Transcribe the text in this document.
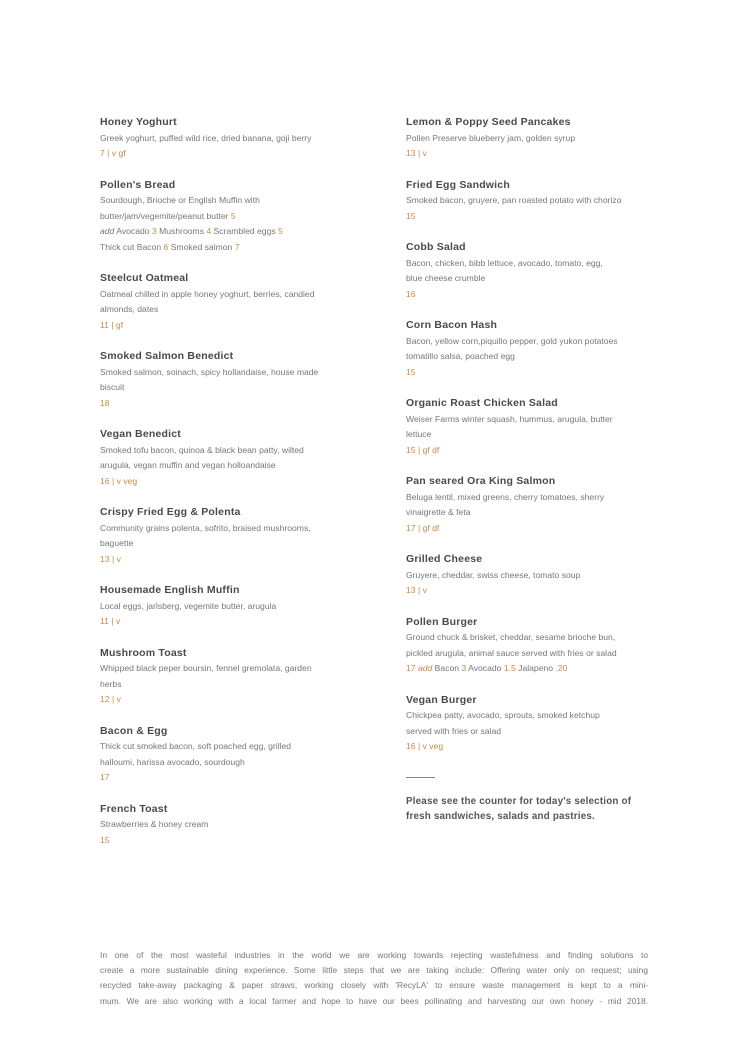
Honey Yoghurt
Greek yoghurt, puffed wild rice, dried banana, goji berry
7 | v gf
Pollen's Bread
Sourdough, Brioche or English Muffin with
butter/jam/vegemite/peanut butter 5
add Avocado 3 Mushrooms 4 Scrambled eggs 5
Thick cut Bacon 6 Smoked salmon 7
Steelcut Oatmeal
Oatmeal chilled in apple honey yoghurt, berries, candied
almonds, dates
11 | gf
Smoked Salmon Benedict
Smoked salmon, soinach, spicy hollandaise, house made
biscuit
18
Vegan Benedict
Smoked tofu bacon, quinoa & black bean patty, wilted
arugula, vegan muffin and vegan holloandaise
16 | v veg
Crispy Fried Egg & Polenta
Community grains polenta, sofrito, braised mushrooms,
baguette
13 | v
Housemade English Muffin
Local eggs, jarlsberg, vegemite butter, arugula
11 | v
Mushroom Toast
Whipped black peper boursin, fennel gremolata, garden
herbs
12 | v
Bacon & Egg
Thick cut smoked bacon, soft poached egg, grilled
halloumi, harissa avocado, sourdough
17
French Toast
Strawberries & honey cream
15
Lemon & Poppy Seed Pancakes
Pollen Preserve blueberry jam, golden syrup
13 | v
Fried Egg Sandwich
Smoked bacon, gruyere, pan roasted potato with chorizo
15
Cobb Salad
Bacon, chicken, bibb lettuce, avocado, tomato, egg,
blue cheese crumble
16
Corn Bacon Hash
Bacon, yellow corn,piquillo pepper, gold yukon potatoes
tomatillo salsa, poached egg
15
Organic Roast Chicken Salad
Weiser Farms winter squash, hummus, arugula, butter
lettuce
15 | gf df
Pan seared Ora King Salmon
Beluga lentil, mixed greens, cherry tomatoes, sherry
vinaigrette & feta
17 | gf df
Grilled Cheese
Gruyere, cheddar, swiss cheese, tomato soup
13 | v
Pollen Burger
Ground chuck & brisket, cheddar, sesame brioche bun,
pickled arugula, animal sauce served with fries or salad
17 add Bacon 3 Avocado 1.5 Jalapeno .20
Vegan Burger
Chickpea patty, avocado, sprouts, smoked ketchup
served with fries or salad
16 | v veg
Please see the counter for today's selection of
fresh sandwiches, salads and pastries.
In one of the most wasteful industries in the world we are working towards rejecting wastefulness and finding solutions to
create a more sustainable dining experience. Some little steps that we are taking include: Offering water only on request; using
recycled take-away packaging & paper straws; working closely with 'RecyLA' to ensure waste management is kept to a mini-
mum. We are also working with a local farmer and hope to have our bees pollinating and harvesting our own honey - mid 2018.
